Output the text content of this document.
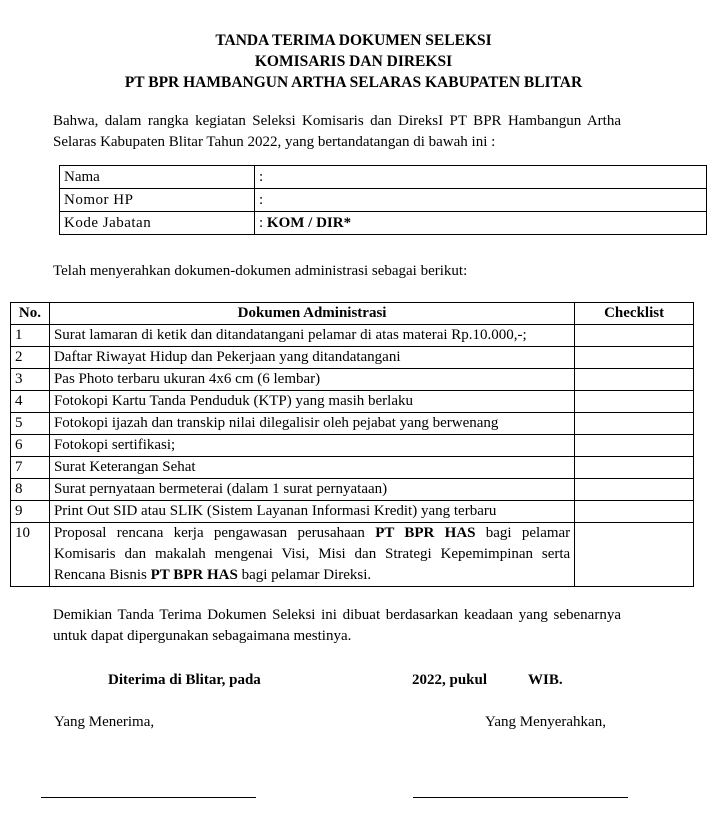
TANDA TERIMA DOKUMEN SELEKSI
KOMISARIS DAN DIREKSI
PT BPR HAMBANGUN ARTHA SELARAS KABUPATEN BLITAR
Bahwa, dalam rangka kegiatan Seleksi Komisaris dan DireksI PT BPR Hambangun Artha Selaras Kabupaten Blitar Tahun 2022, yang bertandatangan di bawah ini :
Nama	:
Nomor HP	:
Kode Jabatan	: KOM / DIR*
Telah menyerahkan dokumen-dokumen administrasi sebagai berikut:
No.	Dokumen Administrasi	Checklist
1	Surat lamaran di ketik dan ditandatangani pelamar di atas materai Rp.10.000,-;	
2	Daftar Riwayat Hidup dan Pekerjaan yang ditandatangani	
3	Pas Photo terbaru ukuran 4x6 cm (6 lembar)	
4	Fotokopi Kartu Tanda Penduduk (KTP) yang masih berlaku	
5	Fotokopi ijazah dan transkip nilai dilegalisir oleh pejabat yang berwenang	
6	Fotokopi sertifikasi;	
7	Surat Keterangan Sehat	
8	Surat pernyataan bermeterai (dalam 1 surat pernyataan)	
9	Print Out SID atau SLIK (Sistem Layanan Informasi Kredit) yang terbaru	
10	Proposal rencana kerja pengawasan perusahaan PT BPR HAS bagi pelamar Komisaris dan makalah mengenai Visi, Misi dan Strategi Kepemimpinan serta Rencana Bisnis PT BPR HAS bagi pelamar Direksi.	
Demikian Tanda Terima Dokumen Seleksi ini dibuat berdasarkan keadaan yang sebenarnya untuk dapat dipergunakan sebagaimana mestinya.
Diterima di Blitar, pada	2022, pukul	WIB.
Yang Menerima,	Yang Menyerahkan,
